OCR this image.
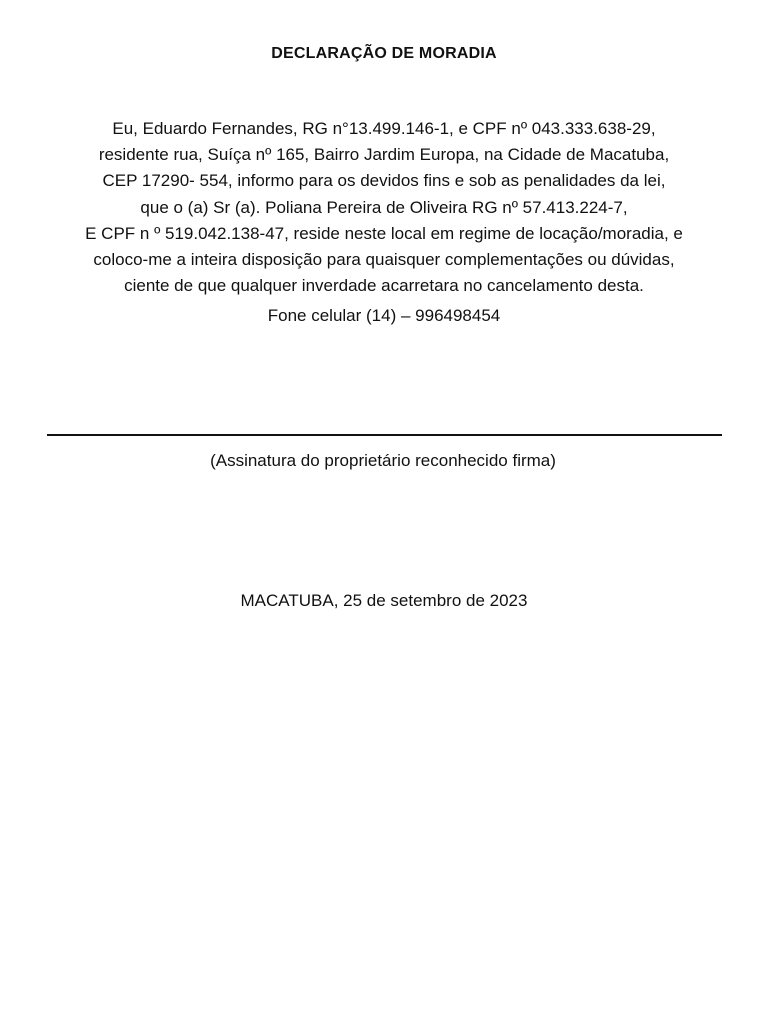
DECLARAÇÃO DE MORADIA
Eu, Eduardo Fernandes, RG n°13.499.146-1, e CPF nº 043.333.638-29,
residente rua, Suíça nº 165, Bairro Jardim Europa, na Cidade de Macatuba,
CEP 17290- 554, informo para os devidos fins e sob as penalidades da lei,
que o (a) Sr (a). Poliana Pereira de Oliveira RG nº 57.413.224-7,
E CPF n º 519.042.138-47, reside neste local em regime de locação/moradia, e
coloco-me a inteira disposição para quaisquer complementações ou dúvidas,
ciente de que qualquer inverdade acarretara no cancelamento desta.
Fone celular (14) – 996498454
(Assinatura do proprietário reconhecido firma)
MACATUBA, 25 de setembro de 2023
